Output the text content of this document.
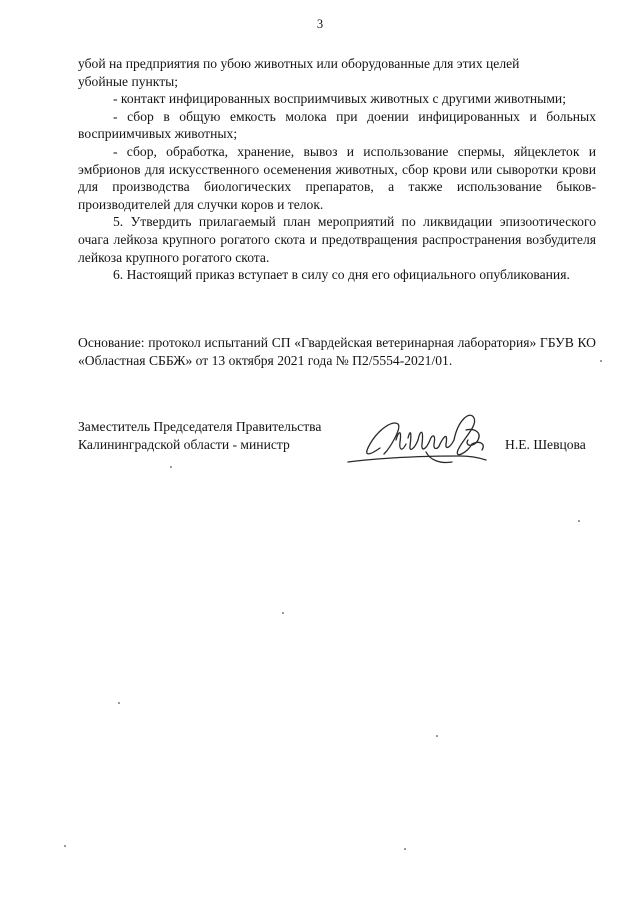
3

убой на предприятия по убою животных или оборудованные для этих целей
убойные пункты;

- контакт инфицированных восприимчивых животных с другими животными;

- сбор в общую емкость молока при доении инфицированных и больных восприимчивых животных;

- сбор, обработка, хранение, вывоз и использование спермы, яйцеклеток и эмбрионов для искусственного осеменения животных, сбор крови или сыворотки крови для производства биологических препаратов, а также использование быков-производителей для случки коров и телок.

5. Утвердить прилагаемый план мероприятий по ликвидации эпизоотического очага лейкоза крупного рогатого скота и предотвращения распространения возбудителя лейкоза крупного рогатого скота.

6. Настоящий приказ вступает в силу со дня его официального опубликования.

Основание: протокол испытаний СП «Гвардейская ветеринарная лаборатория» ГБУВ КО «Областная СББЖ» от 13 октября 2021 года № П2/5554-2021/01.

Заместитель Председателя Правительства
Калининградской области - министр	Н.Е. Шевцова
